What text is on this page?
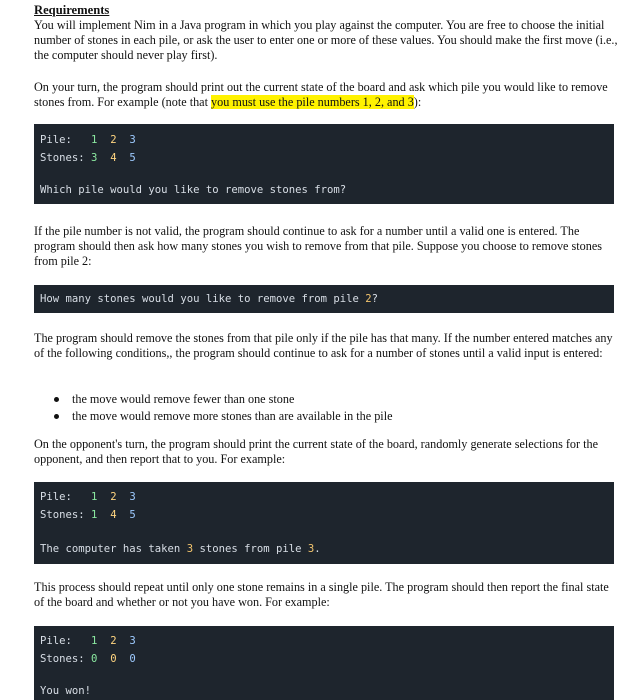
Requirements

You will implement Nim in a Java program in which you play against the computer. You are free to choose the initial number of stones in each pile, or ask the user to enter one or more of these values. You should make the first move (i.e., the computer should never play first).

On your turn, the program should print out the current state of the board and ask which pile you would like to remove stones from. For example (note that you must use the pile numbers 1, 2, and 3):

Pile: 1 2 3
Stones: 3 4 5
Which pile would you like to remove stones from?

If the pile number is not valid, the program should continue to ask for a number until a valid one is entered. The program should then ask how many stones you wish to remove from that pile. Suppose you choose to remove stones from pile 2:

How many stones would you like to remove from pile 2?

The program should remove the stones from that pile only if the pile has that many. If the number entered matches any of the following conditions,, the program should continue to ask for a number of stones until a valid input is entered:

the move would remove fewer than one stone
the move would remove more stones than are available in the pile

On the opponent's turn, the program should print the current state of the board, randomly generate selections for the opponent, and then report that to you. For example:

Pile: 1 2 3
Stones: 1 4 5
The computer has taken 3 stones from pile 3.

This process should repeat until only one stone remains in a single pile. The program should then report the final state of the board and whether or not you have won. For example:

Pile: 1 2 3
Stones: 0 0 0
You won!
